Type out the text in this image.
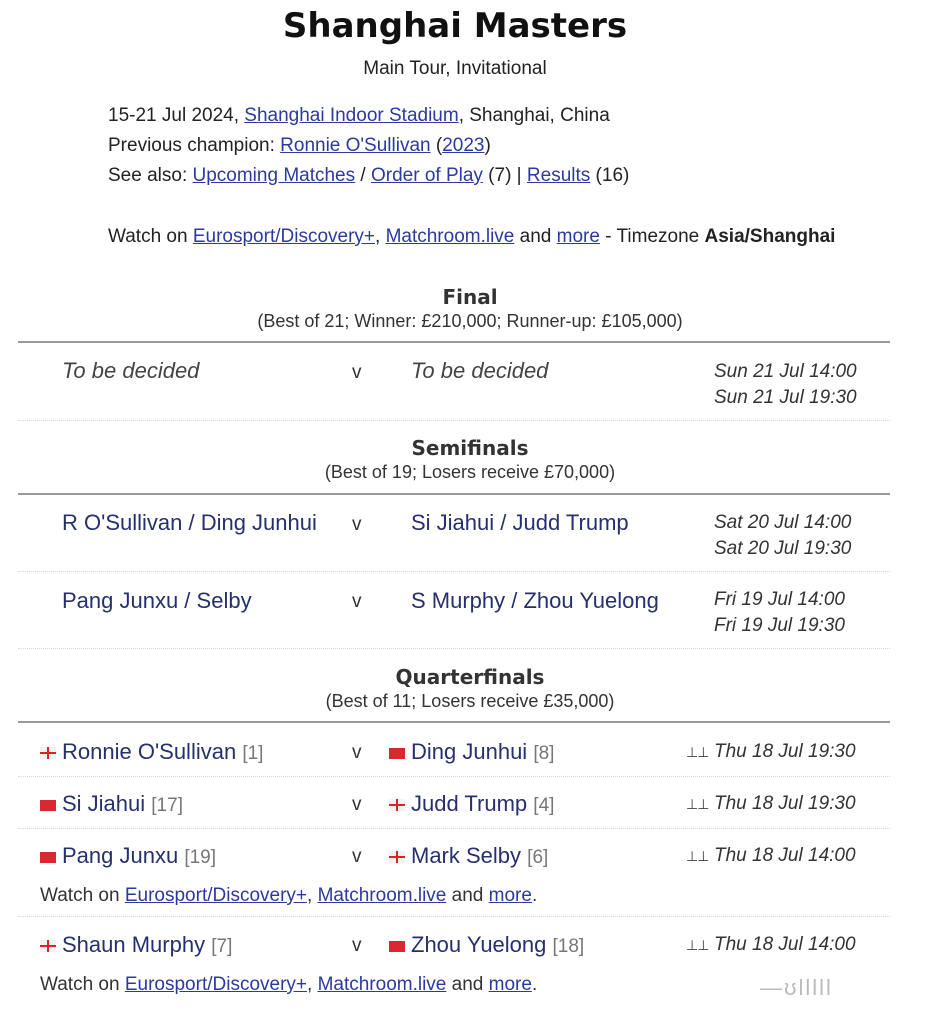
Shanghai Masters
Main Tour, Invitational
15-21 Jul 2024, Shanghai Indoor Stadium, Shanghai, China
Previous champion: Ronnie O'Sullivan (2023)
See also: Upcoming Matches / Order of Play (7) | Results (16)
Watch on Eurosport/Discovery+, Matchroom.live and more - Timezone Asia/Shanghai
Final
(Best of 21; Winner: £210,000; Runner-up: £105,000)
To be decided	v To be decided	Sun 21 Jul 14:00
Sun 21 Jul 19:30
Semifinals
(Best of 19; Losers receive £70,000)
R O'Sullivan / Ding Junhui v Si Jiahui / Judd Trump	Sat 20 Jul 14:00
Sat 20 Jul 19:30
Pang Junxu / Selby	v S Murphy / Zhou Yuelong	Fri 19 Jul 14:00
Fri 19 Jul 19:30
Quarterfinals
(Best of 11; Losers receive £35,000)
Ronnie O'Sullivan [1]	v	Ding Junhui [8]	⊥⊥ Thu 18 Jul 19:30
Si Jiahui [17]	v	Judd Trump [4]	⊥⊥ Thu 18 Jul 19:30
Pang Junxu [19]	v	Mark Selby [6]	⊥⊥ Thu 18 Jul 14:00
Watch on Eurosport/Discovery+, Matchroom.live and more.
Shaun Murphy [7]	v	Zhou Yuelong [18]	⊥⊥ Thu 18 Jul 14:00
Watch on Eurosport/Discovery+, Matchroom.live and more.	—ʊlllll
